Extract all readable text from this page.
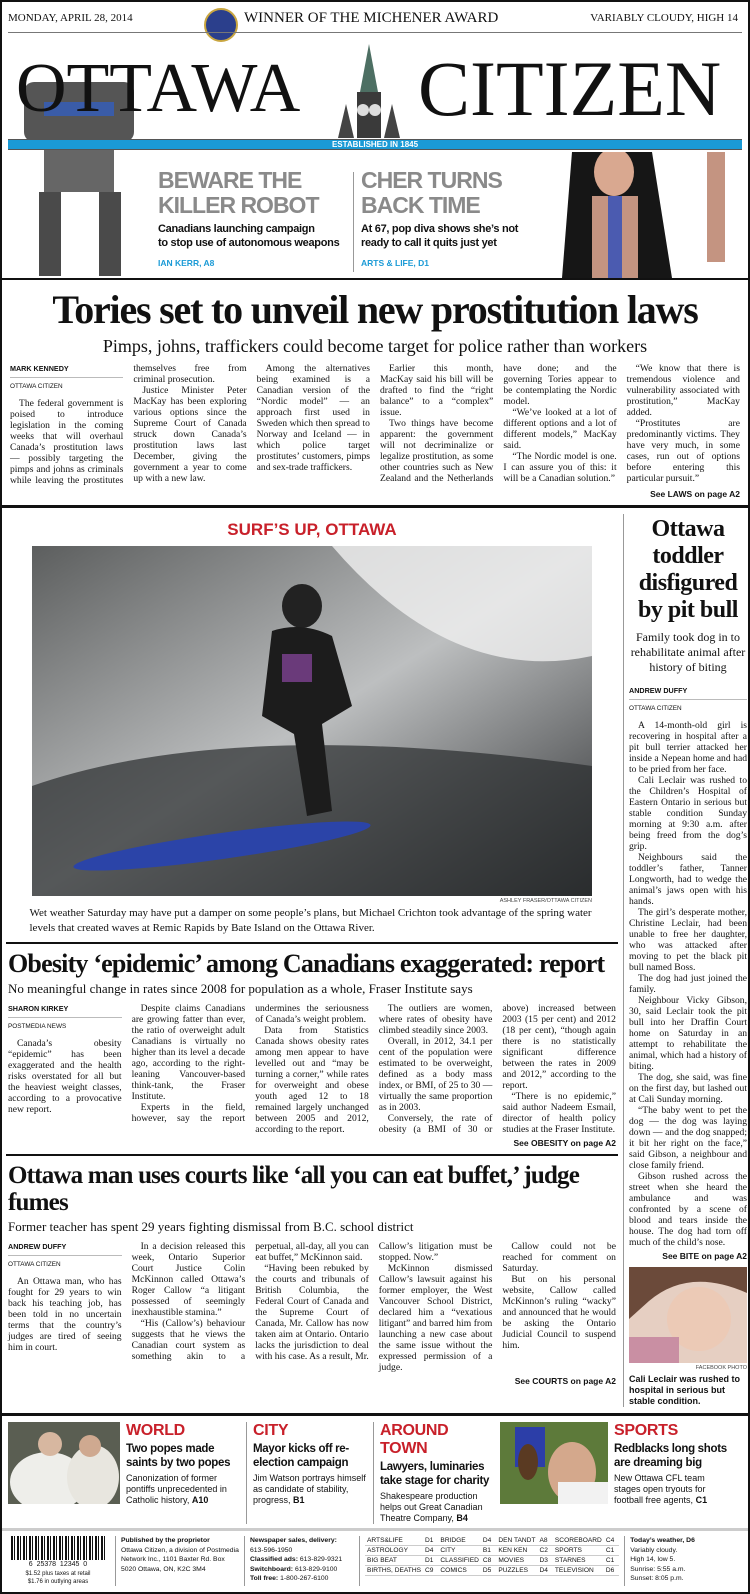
MONDAY, APRIL 28, 2014	WINNER OF THE MICHENER AWARD	VARIABLY CLOUDY, HIGH 14
OTTAWA CITIZEN
ESTABLISHED IN 1845
BEWARE THE
KILLER ROBOT
Canadians launching campaign
to stop use of autonomous weapons
IAN KERR, A8
CHER TURNS
BACK TIME
At 67, pop diva shows she’s not
ready to call it quits just yet
ARTS & LIFE, D1
Tories set to unveil new prostitution laws
Pimps, johns, traffickers could become target for police rather than workers
MARK KENNEDY
OTTAWA CITIZEN

The federal government is poised to introduce legislation in the coming weeks that will overhaul Canada’s prostitution laws — possibly targeting the pimps and johns as criminals while leaving the prostitutes themselves free from criminal prosecution.

Justice Minister Peter MacKay has been exploring various options since the Supreme Court of Canada struck down Canada’s prostitution laws last December, giving the government a year to come up with a new law.

Among the alternatives being examined is a Canadian version of the “Nordic model” — an approach first used in Sweden which then spread to Norway and Iceland — in which police target prostitutes’ customers, pimps and sex-trade traffickers.

Earlier this month, MacKay said his bill will be drafted to find the “right balance” to a “complex” issue.

Two things have become apparent: the government will not decriminalize or legalize prostitution, as some other countries such as New Zealand and the Netherlands have done; and the governing Tories appear to be contemplating the Nordic model.

“We’ve looked at a lot of different options and a lot of different models,” MacKay said.

“The Nordic model is one. I can assure you of this: it will be a Canadian solution.”

“We know that there is tremendous violence and vulnerability associated with prostitution,” MacKay added.

“Prostitutes are predominantly victims. They have very much, in some cases, run out of options before entering this particular pursuit.”

See LAWS on page A2
SURF’S UP, OTTAWA
ASHLEY FRASER/OTTAWA CITIZEN
Wet weather Saturday may have put a damper on some people’s plans, but Michael Crichton took advantage of the spring water levels that created waves at Remic Rapids by Bate Island on the Ottawa River.
Obesity ‘epidemic’ among Canadians exaggerated: report
No meaningful change in rates since 2008 for population as a whole, Fraser Institute says
SHARON KIRKEY
POSTMEDIA NEWS

Canada’s obesity “epidemic” has been exaggerated and the health risks overstated for all but the heaviest weight classes, according to a provocative new report.

Despite claims Canadians are growing fatter than ever, the ratio of overweight adult Canadians is virtually no higher than its level a decade ago, according to the right-leaning Vancouver-based think-tank, the Fraser Institute.

Experts in the field, however, say the report undermines the seriousness of Canada’s weight problem.

Data from Statistics Canada shows obesity rates among men appear to have levelled out and “may be turning a corner,” while rates for overweight and obese youth aged 12 to 18 remained largely unchanged between 2005 and 2012, according to the report.

The outliers are women, where rates of obesity have climbed steadily since 2003.

Overall, in 2012, 34.1 per cent of the population were estimated to be overweight, defined as a body mass index, or BMI, of 25 to 30 — virtually the same proportion as in 2003.

Conversely, the rate of obesity (a BMI of 30 or above) increased between 2003 (15 per cent) and 2012 (18 per cent), “though again there is no statistically significant difference between the rates in 2009 and 2012,” according to the report.

“There is no epidemic,” said author Nadeem Esmail, director of health policy studies at the Fraser Institute.

See OBESITY on page A2
Ottawa man uses courts like ‘all you can eat buffet,’ judge fumes
Former teacher has spent 29 years fighting dismissal from B.C. school district
ANDREW DUFFY
OTTAWA CITIZEN

An Ottawa man, who has fought for 29 years to win back his teaching job, has been told in no uncertain terms that the country’s judges are tired of seeing him in court.

In a decision released this week, Ontario Superior Court Justice Colin McKinnon called Ottawa’s Roger Callow “a litigant possessed of seemingly inexhaustible stamina.”

“His (Callow’s) behaviour suggests that he views the Canadian court system as something akin to a perpetual, all-day, all you can eat buffet,” McKinnon said.

“Having been rebuked by the courts and tribunals of British Columbia, the Federal Court of Canada and the Supreme Court of Canada, Mr. Callow has now taken aim at Ontario. Ontario lacks the jurisdiction to deal with his case. As a result, Mr. Callow’s litigation must be stopped. Now.”

McKinnon dismissed Callow’s lawsuit against his former employer, the West Vancouver School District, declared him a “vexatious litigant” and barred him from launching a new case about the same issue without the expressed permission of a judge.

Callow could not be reached for comment on Saturday.

But on his personal website, Callow called McKinnon’s ruling “wacky” and announced that he would be asking the Ontario Judicial Council to suspend him.

See COURTS on page A2
Ottawa toddler disfigured by pit bull
Family took dog in to rehabilitate animal after history of biting
ANDREW DUFFY
OTTAWA CITIZEN

A 14-month-old girl is recovering in hospital after a pit bull terrier attacked her inside a Nepean home and had to be pried from her face.

Cali Leclair was rushed to the Children’s Hospital of Eastern Ontario in serious but stable condition Sunday morning at 9:30 a.m. after being freed from the dog’s grip.

Neighbours said the toddler’s father, Tanner Longworth, had to wedge the animal’s jaws open with his hands.

The girl’s desperate mother, Christine Leclair, had been unable to free her daughter, who was attacked after moving to pet the black pit bull named Boss.

The dog had just joined the family.

Neighbour Vicky Gibson, 30, said Leclair took the pit bull into her Draffin Court home on Saturday in an attempt to rehabilitate the animal, which had a history of biting.

The dog, she said, was fine on the first day, but lashed out at Cali Sunday morning.

“The baby went to pet the dog — the dog was laying down — and the dog snapped; it bit her right on the face,” said Gibson, a neighbour and close family friend.

Gibson rushed across the street when she heard the ambulance and was confronted by a scene of blood and tears inside the house. The dog had torn off much of the child’s nose.

See BITE on page A2
FACEBOOK PHOTO
Cali Leclair was rushed to hospital in serious but stable condition.
WORLD
Two popes made saints by two popes
Canonization of former pontiffs unprecedented in Catholic history, A10
CITY
Mayor kicks off re-election campaign
Jim Watson portrays himself as candidate of stability, progress, B1
AROUND TOWN
Lawyers, luminaries take stage for charity
Shakespeare production helps out Great Canadian Theatre Company, B4
SPORTS
Redblacks long shots are dreaming big
New Ottawa CFL team stages open tryouts for football free agents, C1
6  25378  12345  0
$1.52 plus taxes at retail
$1.76 in outlying areas
Published by the proprietor
Ottawa Citizen, a division of Postmedia Network Inc., 1101 Baxter Rd. Box 5020 Ottawa, ON, K2C 3M4
Newspaper sales, delivery:
613-596-1950
Classified ads: 613-829-9321
Switchboard: 613-829-9100
Toll free: 1-800-267-6100
ARTS&LIFE	D1	BRIDGE	D4	DEN TANDT	A8	SCOREBOARD	C4
ASTROLOGY	D4	CITY	B1	KEN KEN	C2	SPORTS	C1
BIG BEAT	D1	CLASSIFIED	C8	MOVIES	D3	STARNES	C1
BIRTHS, DEATHS	C9	COMICS	D5	PUZZLES	D4	TELEVISION	D6
Today’s weather, D6
Variably cloudy.
High 14, low 5.
Sunrise: 5:55 a.m.
Sunset: 8:05 p.m.
